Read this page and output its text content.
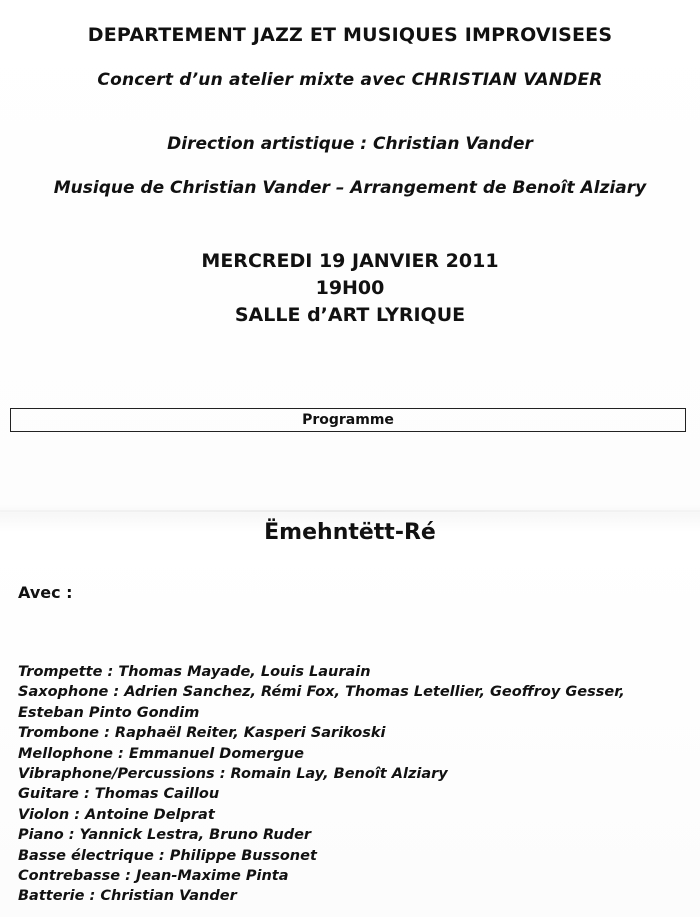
DEPARTEMENT JAZZ ET MUSIQUES IMPROVISEES
Concert d’un atelier mixte avec CHRISTIAN VANDER
Direction artistique : Christian Vander
Musique de Christian Vander – Arrangement de Benoît Alziary
MERCREDI 19 JANVIER 2011
19H00
SALLE d’ART LYRIQUE
Programme
Ëmehntëtt-Ré
Avec :
Trompette : Thomas Mayade, Louis Laurain
Saxophone : Adrien Sanchez, Rémi Fox, Thomas Letellier, Geoffroy Gesser,
Esteban Pinto Gondim
Trombone : Raphaël Reiter, Kasperi Sarikoski
Mellophone : Emmanuel Domergue
Vibraphone/Percussions : Romain Lay, Benoît Alziary
Guitare : Thomas Caillou
Violon : Antoine Delprat
Piano : Yannick Lestra, Bruno Ruder
Basse électrique : Philippe Bussonet
Contrebasse : Jean-Maxime Pinta
Batterie : Christian Vander
